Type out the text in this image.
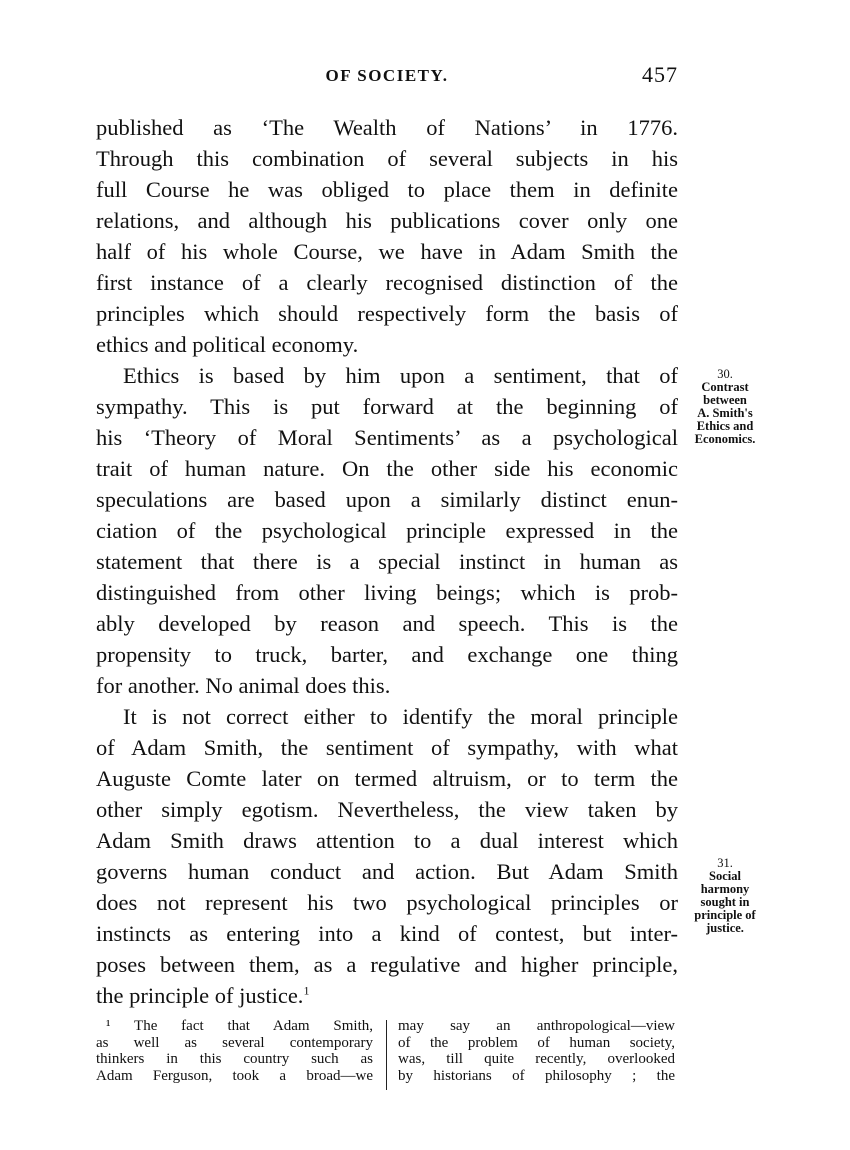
OF SOCIETY.	457
published as ‘The Wealth of Nations’ in 1776.
Through this combination of several subjects in his
full Course he was obliged to place them in definite
relations, and although his publications cover only one
half of his whole Course, we have in Adam Smith the
first instance of a clearly recognised distinction of the
principles which should respectively form the basis of
ethics and political economy.
Ethics is based by him upon a sentiment, that of
sympathy. This is put forward at the beginning of
his ‘Theory of Moral Sentiments’ as a psychological
trait of human nature. On the other side his economic
speculations are based upon a similarly distinct enun-
ciation of the psychological principle expressed in the
statement that there is a special instinct in human as
distinguished from other living beings; which is prob-
ably developed by reason and speech. This is the
propensity to truck, barter, and exchange one thing
for another. No animal does this.
It is not correct either to identify the moral principle
of Adam Smith, the sentiment of sympathy, with what
Auguste Comte later on termed altruism, or to term the
other simply egotism. Nevertheless, the view taken by
Adam Smith draws attention to a dual interest which
governs human conduct and action. But Adam Smith
does not represent his two psychological principles or
instincts as entering into a kind of contest, but inter-
poses between them, as a regulative and higher principle,
the principle of justice.$^1$
30.
Contrast
between
A. Smith's
Ethics and
Economics.
31.
Social
harmony
sought in
principle of
justice.
¹ The fact that Adam Smith,
as well as several contemporary
thinkers in this country such as
Adam Ferguson, took a broad—we
may say an anthropological—view
of the problem of human society,
was, till quite recently, overlooked
by historians of philosophy ; the
